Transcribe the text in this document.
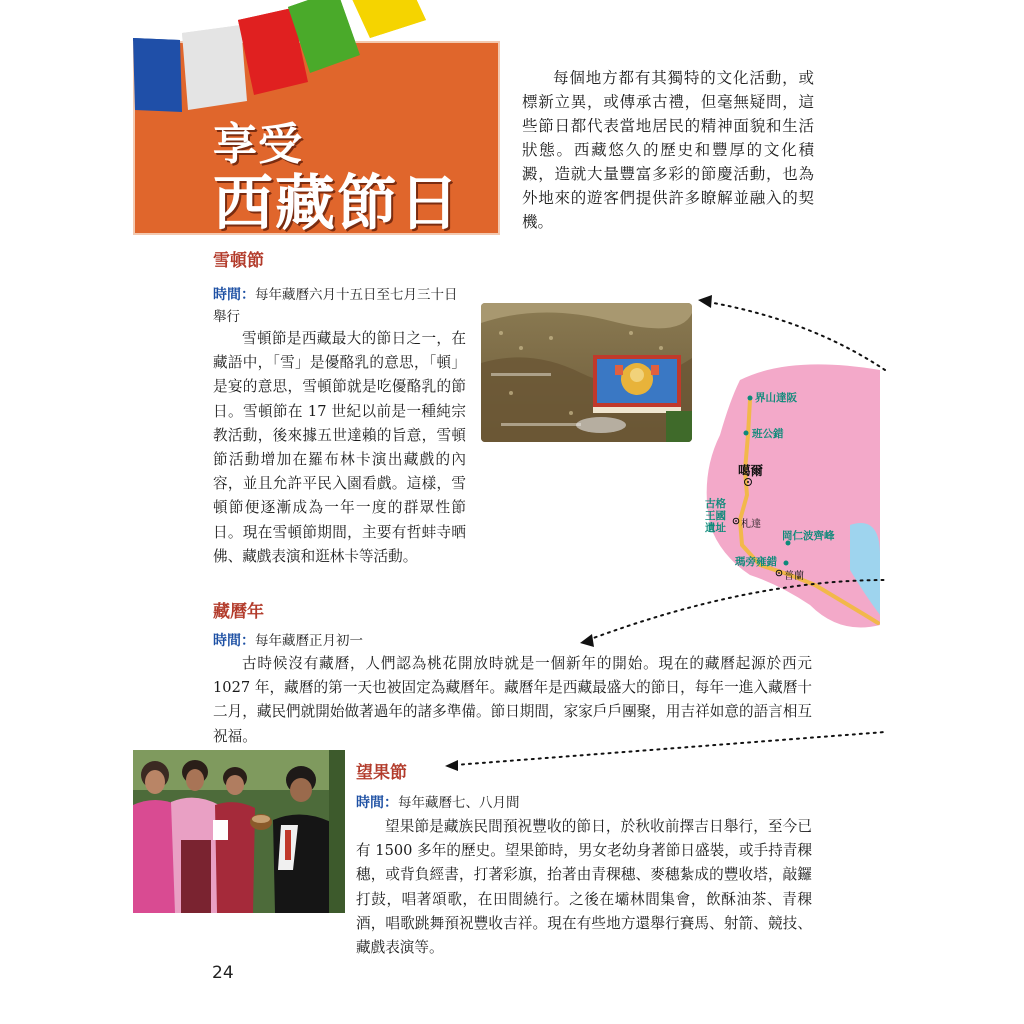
享受
西藏節日
每個地方都有其獨特的文化活動，或標新立異，或傳承古禮，但毫無疑問，這些節日都代表當地居民的精神面貌和生活狀態。西藏悠久的歷史和豐厚的文化積澱，造就大量豐富多彩的節慶活動，也為外地來的遊客們提供許多瞭解並融入的契機。
雪頓節
時間：每年藏曆六月十五日至七月三十日舉行
雪頓節是西藏最大的節日之一，在藏語中，「雪」是優酪乳的意思，「頓」是宴的意思，雪頓節就是吃優酪乳的節日。雪頓節在 17 世紀以前是一種純宗教活動，後來據五世達賴的旨意，雪頓節活動增加在羅布林卡演出藏戲的內容，並且允許平民入園看戲。這樣，雪頓節便逐漸成為一年一度的群眾性節日。現在雪頓節期間，主要有哲蚌寺晒佛、藏戲表演和逛林卡等活動。
界山達阪
班公錯
噶爾
古格
王國
遺址 札達
岡仁波齊峰
瑪旁雍錯
普蘭
藏曆年
時間：每年藏曆正月初一
古時候沒有藏曆，人們認為桃花開放時就是一個新年的開始。現在的藏曆起源於西元 1027 年，藏曆的第一天也被固定為藏曆年。藏曆年是西藏最盛大的節日，每年一進入藏曆十二月，藏民們就開始做著過年的諸多準備。節日期間，家家戶戶團聚，用吉祥如意的語言相互祝福。
望果節
時間：每年藏曆七、八月間
望果節是藏族民間預祝豐收的節日，於秋收前擇吉日舉行，至今已有 1500 多年的歷史。望果節時，男女老幼身著節日盛裝，或手持青稞穗，或背負經書，打著彩旗，抬著由青稞穗、麥穗紮成的豐收塔，敲鑼打鼓，唱著頌歌，在田間繞行。之後在壩林間集會，飲酥油茶、青稞酒，唱歌跳舞預祝豐收吉祥。現在有些地方還舉行賽馬、射箭、競技、藏戲表演等。
24
